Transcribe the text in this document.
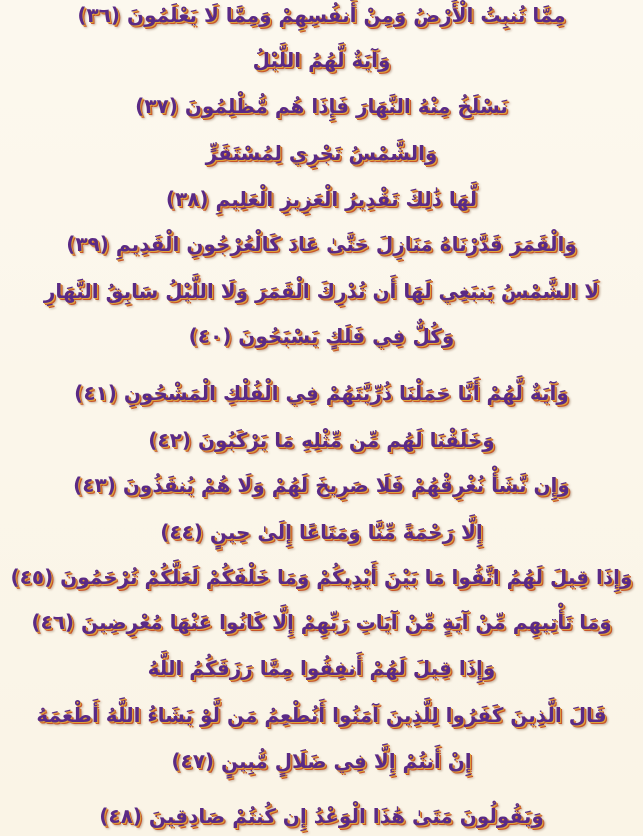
مِمَّا تُنبِتُ الْأَرْضُ وَمِنْ أَنفُسِهِمْ وَمِمَّا لَا يَعْلَمُونَ (٣٦)
وَآيَةٌ لَّهُمُ اللَّيْلُ
نَسْلَخُ مِنْهُ النَّهَارَ فَإِذَا هُم مُّظْلِمُونَ (٣٧)
وَالشَّمْسُ تَجْرِي لِمُسْتَقَرٍّ
لَّهَا ذَٰلِكَ تَقْدِيرُ الْعَزِيزِ الْعَلِيمِ (٣٨)
وَالْقَمَرَ قَدَّرْنَاهُ مَنَازِلَ حَتَّىٰ عَادَ كَالْعُرْجُونِ الْقَدِيمِ (٣٩)
لَا الشَّمْسُ يَنبَغِي لَهَا أَن تُدْرِكَ الْقَمَرَ وَلَا اللَّيْلُ سَابِقُ النَّهَارِ
وَكُلٌّ فِي فَلَكٍ يَسْبَحُونَ (٤٠)
وَآيَةٌ لَّهُمْ أَنَّا حَمَلْنَا ذُرِّيَّتَهُمْ فِي الْفُلْكِ الْمَشْحُونِ (٤١)
وَخَلَقْنَا لَهُم مِّن مِّثْلِهِ مَا يَرْكَبُونَ (٤٢)
وَإِن نَّشَأْ نُغْرِقْهُمْ فَلَا صَرِيخَ لَهُمْ وَلَا هُمْ يُنقَذُونَ (٤٣)
إِلَّا رَحْمَةً مِّنَّا وَمَتَاعًا إِلَىٰ حِينٍ (٤٤)
وَإِذَا قِيلَ لَهُمُ اتَّقُوا مَا بَيْنَ أَيْدِيكُمْ وَمَا خَلْفَكُمْ لَعَلَّكُمْ تُرْحَمُونَ (٤٥)
وَمَا تَأْتِيهِم مِّنْ آيَةٍ مِّنْ آيَاتِ رَبِّهِمْ إِلَّا كَانُوا عَنْهَا مُعْرِضِينَ (٤٦)
وَإِذَا قِيلَ لَهُمْ أَنفِقُوا مِمَّا رَزَقَكُمُ اللَّهُ
قَالَ الَّذِينَ كَفَرُوا لِلَّذِينَ آمَنُوا أَنُطْعِمُ مَن لَّوْ يَشَاءُ اللَّهُ أَطْعَمَهُ
إِنْ أَنتُمْ إِلَّا فِي ضَلَالٍ مُّبِينٍ (٤٧)
وَيَقُولُونَ مَتَىٰ هَٰذَا الْوَعْدُ إِن كُنتُمْ صَادِقِينَ (٤٨)
